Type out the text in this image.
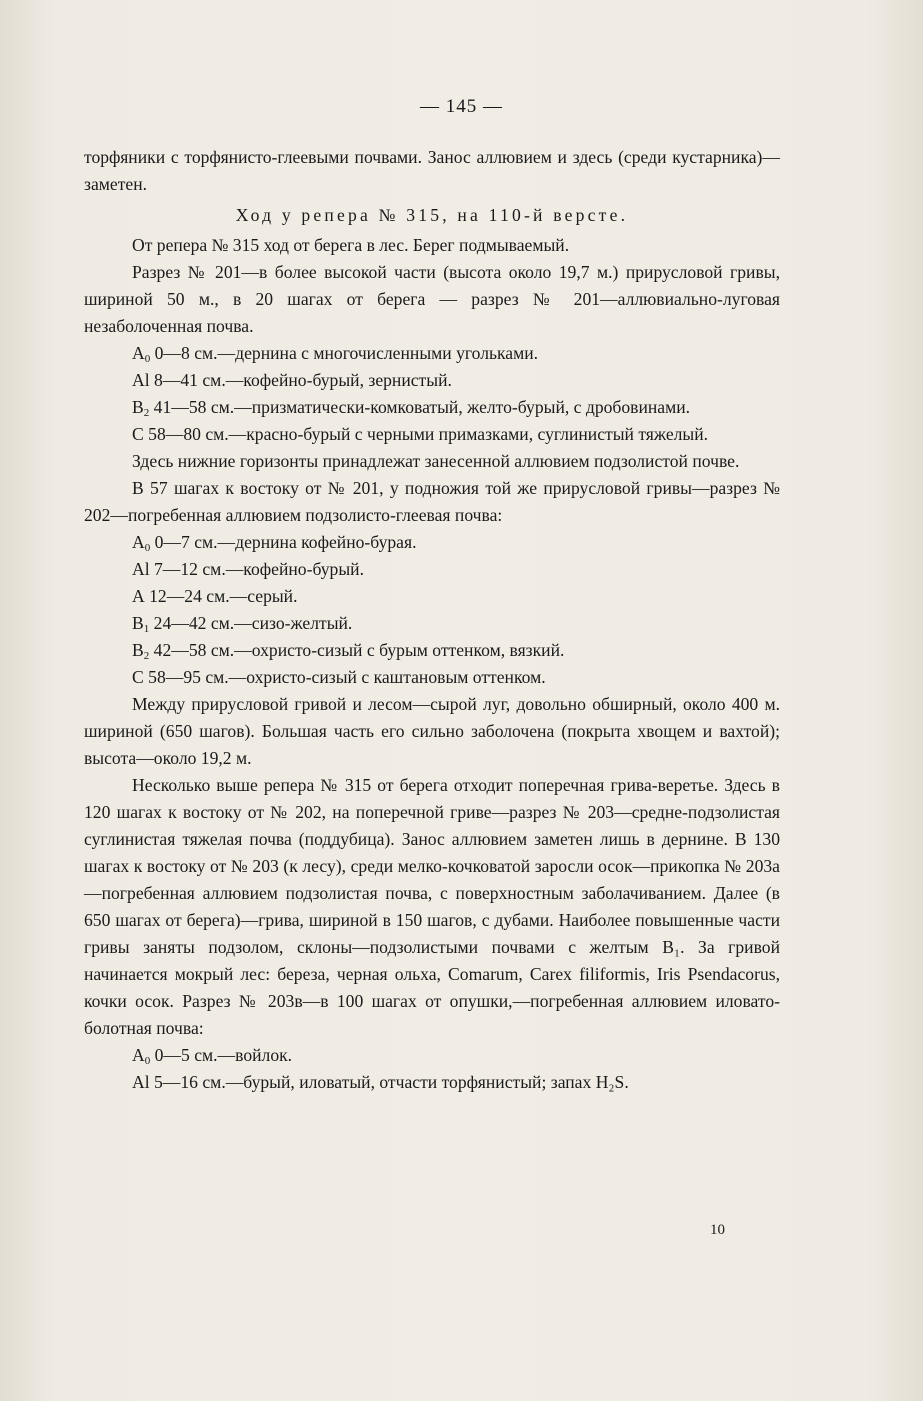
— 145 —

торфяники с торфянисто-глеевыми почвами. Занос аллювием и здесь (среди кустарника)—заметен.

Ход у репера № 315, на 110-й версте.

От репера № 315 ход от берега в лес. Берег подмываемый.

Разрез № 201—в более высокой части (высота около 19,7 м.) прирусловой гривы, шириной 50 м., в 20 шагах от берега — разрез № 201—аллювиально-луговая незаболоченная почва.

$A_0$ 0—8 см.—дернина с многочисленными угольками.

Al 8—41 см.—кофейно-бурый, зернистый.

$B_2$ 41—58 см.—призматически-комковатый, желто-бурый, с дробовинами.

C 58—80 см.—красно-бурый с черными примазками, суглинистый тяжелый.

Здесь нижние горизонты принадлежат занесенной аллювием подзолистой почве.

В 57 шагах к востоку от № 201, у подножия той же прирусловой гривы—разрез № 202—погребенная аллювием подзолисто-глеевая почва:

$A_0$ 0—7 см.—дернина кофейно-бурая.

Al 7—12 см.—кофейно-бурый.

A 12—24 см.—серый.

$B_1$ 24—42 см.—сизо-желтый.

$B_2$ 42—58 см.—охристо-сизый с бурым оттенком, вязкий.

C 58—95 см.—охристо-сизый с каштановым оттенком.

Между прирусловой гривой и лесом—сырой луг, довольно обширный, около 400 м. шириной (650 шагов). Большая часть его сильно заболочена (покрыта хвощем и вахтой); высота—около 19,2 м.

Несколько выше репера № 315 от берега отходит поперечная грива-веретье. Здесь в 120 шагах к востоку от № 202, на поперечной гриве—разрез № 203—средне-подзолистая суглинистая тяжелая почва (поддубица). Занос аллювием заметен лишь в дернине. В 130 шагах к востоку от № 203 (к лесу), среди мелко-кочковатой заросли осок—прикопка № 203а—погребенная аллювием подзолистая почва, с поверхностным заболачиванием. Далее (в 650 шагах от берега)—грива, шириной в 150 шагов, с дубами. Наиболее повышенные части гривы заняты подзолом, склоны—подзолистыми почвами с желтым B₁. За гривой начинается мокрый лес: береза, черная ольха, Comarum, Carex filiformis, Iris Psendacorus, кочки осок. Разрез № 203в—в 100 шагах от опушки,—погребенная аллювием иловато-болотная почва:

$A_0$ 0—5 см.—войлок.

Al 5—16 см.—бурый, иловатый, отчасти торфянистый; запах H₂S.

10
